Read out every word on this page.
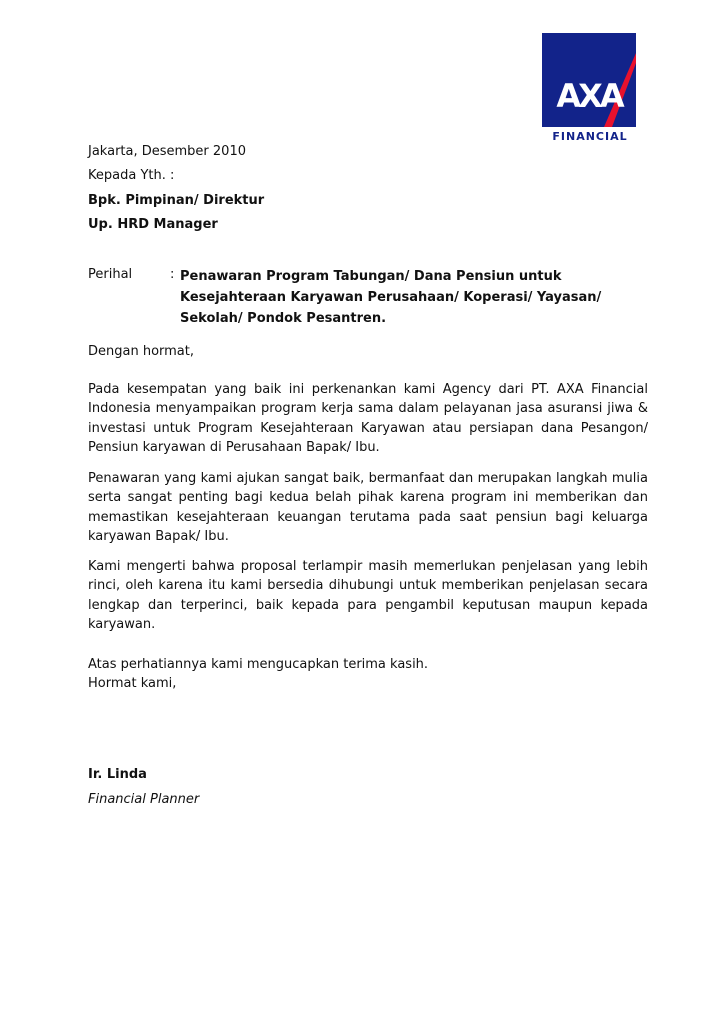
AXA
FINANCIAL
Jakarta, Desember 2010
Kepada Yth. :
Bpk. Pimpinan/ Direktur
Up. HRD Manager
Perihal	: Penawaran Program Tabungan/ Dana Pensiun untuk
Kesejahteraan Karyawan Perusahaan/ Koperasi/ Yayasan/
Sekolah/ Pondok Pesantren.
Dengan hormat,
Pada kesempatan yang baik ini perkenankan kami Agency dari PT. AXA Financial Indonesia menyampaikan program kerja sama dalam pelayanan jasa asuransi jiwa & investasi untuk Program Kesejahteraan Karyawan atau persiapan dana Pesangon/ Pensiun karyawan di Perusahaan Bapak/ Ibu.
Penawaran yang kami ajukan sangat baik, bermanfaat dan merupakan langkah mulia serta sangat penting bagi kedua belah pihak karena program ini memberikan dan memastikan kesejahteraan keuangan terutama pada saat pensiun bagi keluarga karyawan Bapak/ Ibu.
Kami mengerti bahwa proposal terlampir masih memerlukan penjelasan yang lebih rinci, oleh karena itu kami bersedia dihubungi untuk memberikan penjelasan secara lengkap dan terperinci, baik kepada para pengambil keputusan maupun kepada karyawan.
Atas perhatiannya kami mengucapkan terima kasih.
Hormat kami,
Ir. Linda
Financial Planner
